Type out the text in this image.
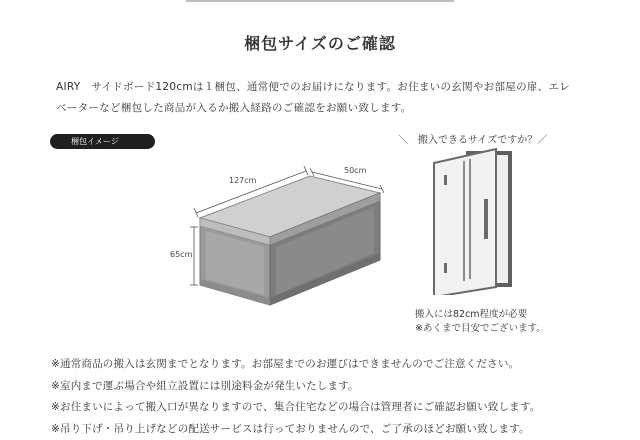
梱包サイズのご確認
AIRY　サイドボード120cmは１梱包、通常便でのお届けになります。お住まいの玄関やお部屋の扉、エレ
ベーターなど梱包した商品が入るか搬入経路のご確認をお願い致します。
梱包イメージ
127cm
50cm
65cm
＼　搬入できるサイズですか？／
搬入には82cm程度が必要
※あくまで目安でございます。
※通常商品の搬入は玄関までとなります。お部屋までのお運びはできませんのでご注意ください。
※室内まで運ぶ場合や組立設置には別途料金が発生いたします。
※お住まいによって搬入口が異なりますので、集合住宅などの場合は管理者にご確認お願い致します。
※吊り下げ・吊り上げなどの配送サービスは行っておりませんので、ご了承のほどお願い致します。
